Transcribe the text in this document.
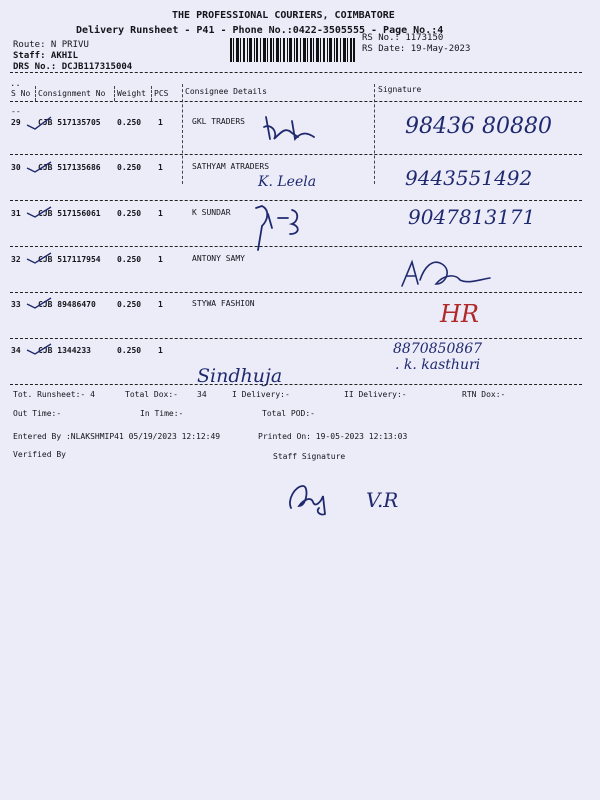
THE PROFESSIONAL COURIERS, COIMBATORE
Delivery Runsheet - P41 - Phone No.:0422-3505555 - Page No.:4
Route: N PRIVU
Staff: AKHIL
DRS No.: DCJB117315004
RS No.: 1173150
RS Date: 19-May-2023
..
S No Consignment No Weight PCS Consignee Details	Signature
--
29 CJB 517135705 0.250 1	GKL TRADERS	98436 80880
30 CJB 517135686 0.250 1	SATHYAM ATRADERS
K. Leela	9443551492
31 CJB 517156061 0.250 1	K SUNDAR	9047813171
32 CJB 517117954 0.250 1	ANTONY SAMY
33 CJB 89486470	0.250 1	STYWA FASHION	HR
34 CJB 1344233	0.250 1	8870850867
. k. kasthuri
Sindhuja
Tot. Runsheet:- 4	Total Dox:- 34	I Delivery:-	II Delivery:-	RTN Dox:-
Out Time:-	In Time:-	Total POD:-
Entered By :NLAKSHMIP41 05/19/2023 12:12:49	Printed On: 19-05-2023 12:13:03
Verified By	Staff Signature
V.R
